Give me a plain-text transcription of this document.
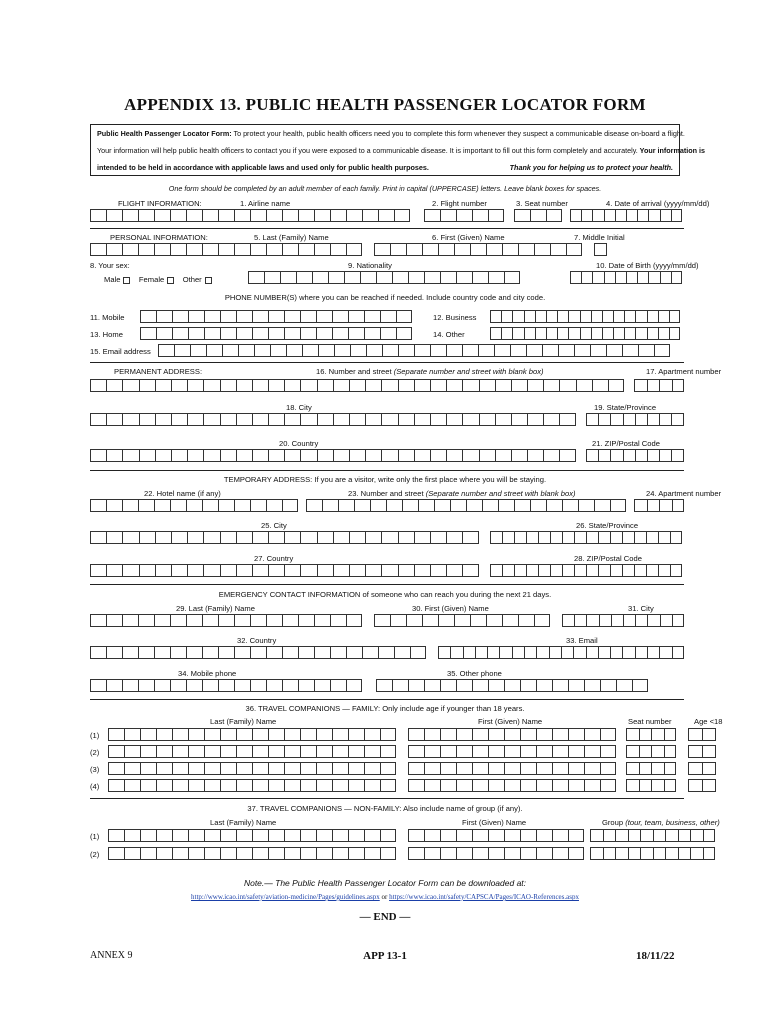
APPENDIX 13. PUBLIC HEALTH PASSENGER LOCATOR FORM

Public Health Passenger Locator Form: To protect your health, public health officers need you to complete this form whenever they suspect a communicable disease on-board a flight.

Your information will help public health officers to contact you if you were exposed to a communicable disease. It is important to fill out this form completely and accurately. Your information is

intended to be held in accordance with applicable laws and used only for public health purposes.	Thank you for helping us to protect your health.

One form should be completed by an adult member of each family. Print in capital (UPPERCASE) letters. Leave blank boxes for spaces.
FLIGHT INFORMATION:	1. Airline name	2. Flight number	3. Seat number	4. Date of arrival (yyyy/mm/dd)
PERSONAL INFORMATION:	5. Last (Family) Name	6. First (Given) Name	7. Middle Initial
8. Your sex:
Male Female Other
9. Nationality	10. Date of Birth (yyyy/mm/dd)
PHONE NUMBER(S) where you can be reached if needed. Include country code and city code.
11. Mobile	12. Business
13. Home	14. Other
15. Email address
PERMANENT ADDRESS:	16. Number and street (Separate number and street with blank box)	17. Apartment number
18. City	19. State/Province
20. Country	21. ZIP/Postal Code
TEMPORARY ADDRESS: If you are a visitor, write only the first place where you will be staying.
22. Hotel name (if any)	23. Number and street (Separate number and street with blank box)	24. Apartment number
25. City	26. State/Province
27. Country	28. ZIP/Postal Code
EMERGENCY CONTACT INFORMATION of someone who can reach you during the next 21 days.
29. Last (Family) Name	30. First (Given) Name	31. City
32. Country	33. Email
34. Mobile phone	35. Other phone
36. TRAVEL COMPANIONS — FAMILY: Only include age if younger than 18 years.
Last (Family) Name	First (Given) Name	Seat number	Age <18
(1)
(2)
(3)
(4)
37. TRAVEL COMPANIONS — NON-FAMILY: Also include name of group (if any).
Last (Family) Name	First (Given) Name	Group (tour, team, business, other)
(1)
(2)
Note.— The Public Health Passenger Locator Form can be downloaded at:
http://www.icao.int/safety/aviation-medicine/Pages/guidelines.aspx or https://www.icao.int/safety/CAPSCA/Pages/ICAO-References.aspx
— END —
ANNEX 9	APP 13-1	18/11/22
